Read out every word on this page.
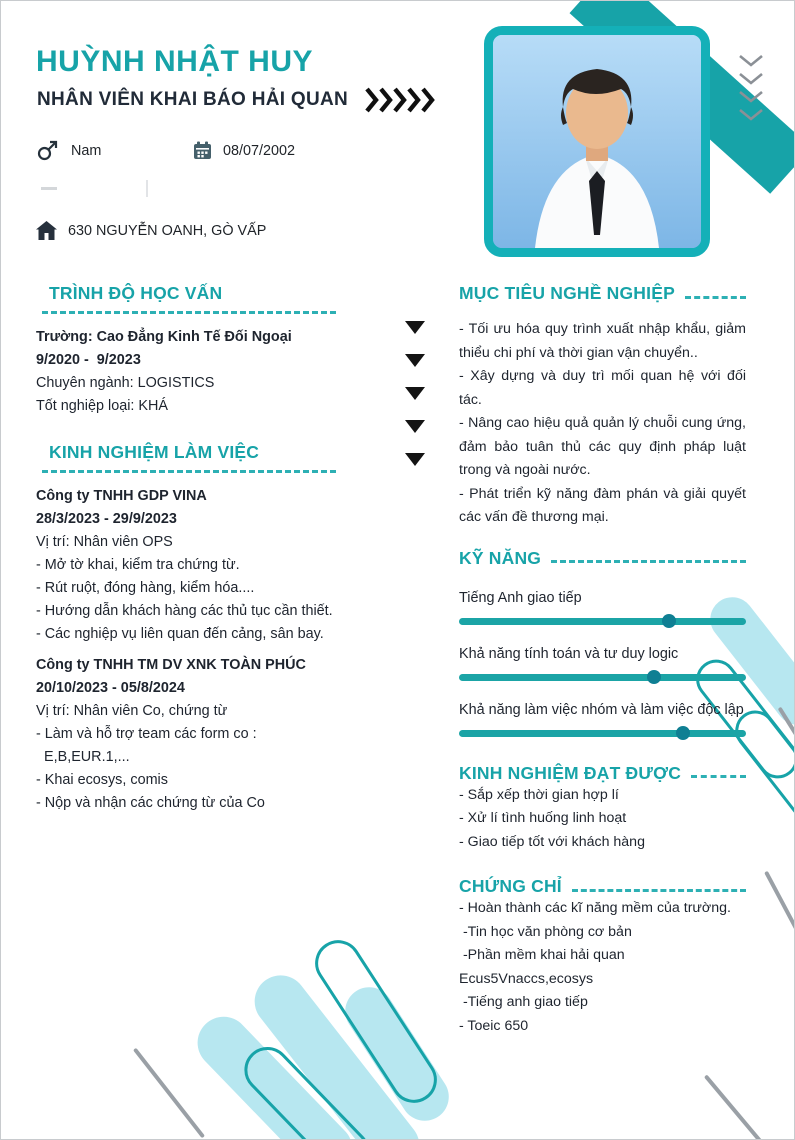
HUỲNH NHẬT HUY
NHÂN VIÊN KHAI BÁO HẢI QUAN
Nam	08/07/2002
630 NGUYỄN OANH, GÒ VẤP
TRÌNH ĐỘ HỌC VẤN

Trường: Cao Đẳng Kinh Tế Đối Ngoại

9/2020 -  9/2023

Chuyên ngành: LOGISTICS

Tốt nghiệp loại: KHÁ

KINH NGHIỆM LÀM VIỆC

Công ty TNHH GDP VINA

28/3/2023 - 29/9/2023

Vị trí: Nhân viên OPS

- Mở tờ khai, kiểm tra chứng từ.

- Rút ruột, đóng hàng, kiểm hóa....

- Hướng dẫn khách hàng các thủ tục cần thiết.

- Các nghiệp vụ liên quan đến cảng, sân bay.

Công ty TNHH TM DV XNK TOÀN PHÚC

20/10/2023 - 05/8/2024

Vị trí: Nhân viên Co, chứng từ

- Làm và hỗ trợ team các form co :

E,B,EUR.1,...

- Khai ecosys, comis

- Nộp và nhận các chứng từ của Co

MỤC TIÊU NGHỀ NGHIỆP

- Tối ưu hóa quy trình xuất nhập khẩu, giảm thiểu chi phí và thời gian vận chuyển..

- Xây dựng và duy trì mối quan hệ với đối tác.

- Nâng cao hiệu quả quản lý chuỗi cung ứng, đảm bảo tuân thủ các quy định pháp luật trong và ngoài nước.

- Phát triển kỹ năng đàm phán và giải quyết các vấn đề thương mại.

KỸ NĂNG

Tiếng Anh giao tiếp

Khả năng tính toán và tư duy logic

Khả năng làm việc nhóm và làm việc độc lập

KINH NGHIỆM ĐẠT ĐƯỢC

- Sắp xếp thời gian hợp lí

- Xử lí tình huống linh hoạt

- Giao tiếp tốt với khách hàng

CHỨNG CHỈ

- Hoàn thành các kĩ năng mềm của trường.

-Tin học văn phòng cơ bản

-Phần mềm khai hải quan Ecus5Vnaccs,ecosys

-Tiếng anh giao tiếp

- Toeic 650
